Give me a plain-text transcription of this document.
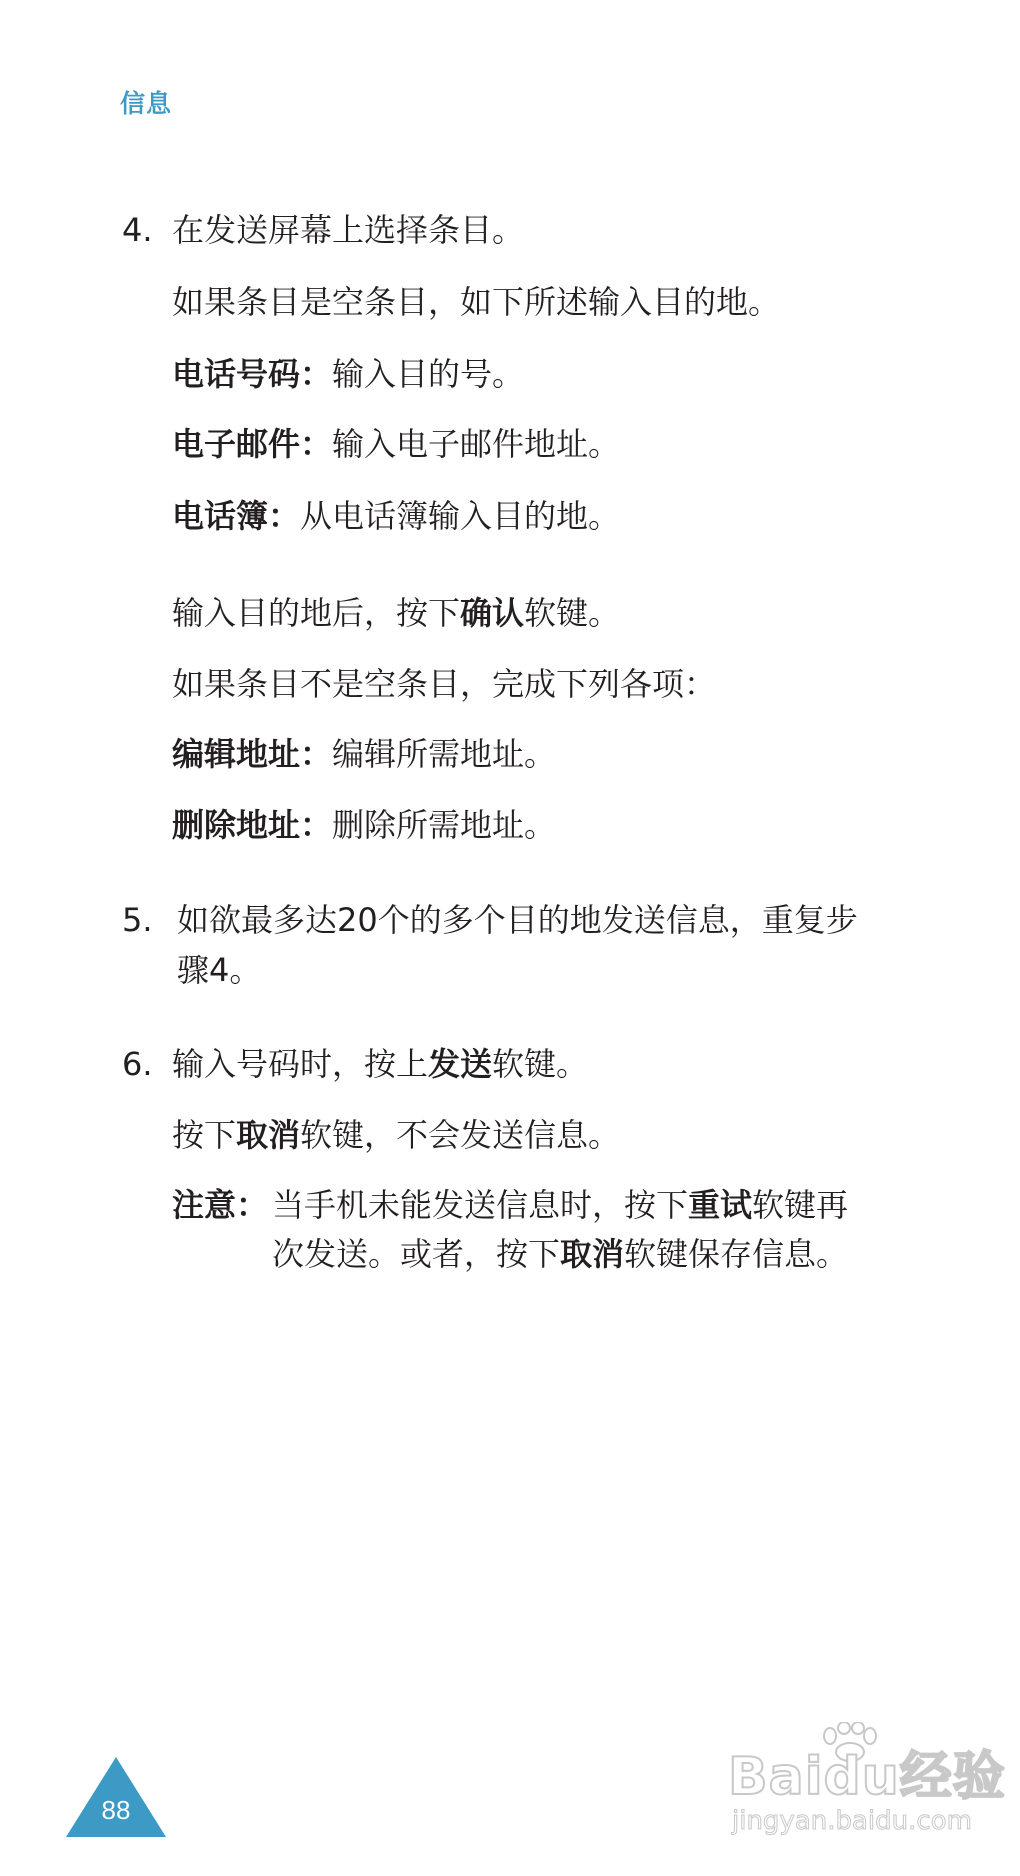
信息
4. 在发送屏幕上选择条目。
如果条目是空条目，如下所述输入目的地。
电话号码：输入目的号。
电子邮件：输入电子邮件地址。
电话簿：从电话簿输入目的地。
输入目的地后，按下确认软键。
如果条目不是空条目，完成下列各项：
编辑地址：编辑所需地址。
删除地址：删除所需地址。
5. 如欲最多达20个的多个目的地发送信息，重复步
骤4。
6. 输入号码时，按上发送软键。
按下取消软键，不会发送信息。
注意： 当手机未能发送信息时，按下重试软键再
次发送。或者，按下取消软键保存信息。
88
Baidu经验
jingyan.baidu.com
